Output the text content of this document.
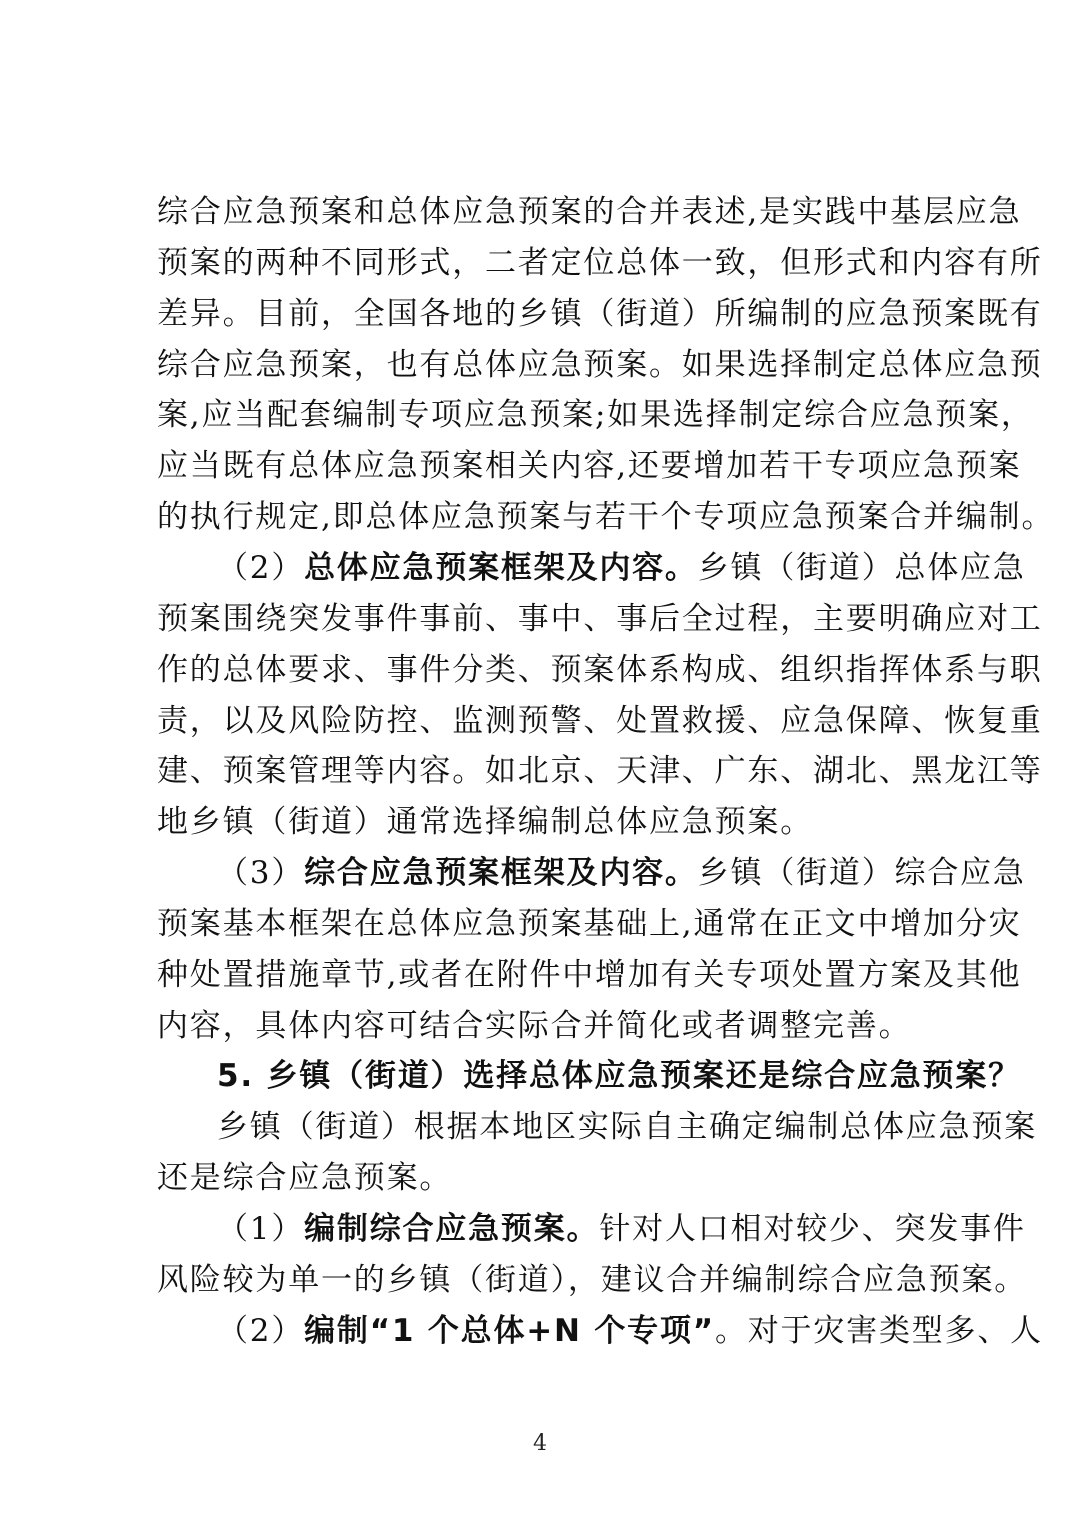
综合应急预案和总体应急预案的合并表述,是实践中基层应急
预案的两种不同形式，二者定位总体一致，但形式和内容有所
差异。目前，全国各地的乡镇（街道）所编制的应急预案既有
综合应急预案，也有总体应急预案。如果选择制定总体应急预
案,应当配套编制专项应急预案;如果选择制定综合应急预案，
应当既有总体应急预案相关内容,还要增加若干专项应急预案
的执行规定,即总体应急预案与若干个专项应急预案合并编制。
（2）总体应急预案框架及内容。乡镇（街道）总体应急
预案围绕突发事件事前、事中、事后全过程，主要明确应对工
作的总体要求、事件分类、预案体系构成、组织指挥体系与职
责，以及风险防控、监测预警、处置救援、应急保障、恢复重
建、预案管理等内容。如北京、天津、广东、湖北、黑龙江等
地乡镇（街道）通常选择编制总体应急预案。
（3）综合应急预案框架及内容。乡镇（街道）综合应急
预案基本框架在总体应急预案基础上,通常在正文中增加分灾
种处置措施章节,或者在附件中增加有关专项处置方案及其他
内容，具体内容可结合实际合并简化或者调整完善。
5. 乡镇（街道）选择总体应急预案还是综合应急预案？
乡镇（街道）根据本地区实际自主确定编制总体应急预案
还是综合应急预案。
（1）编制综合应急预案。针对人口相对较少、突发事件
风险较为单一的乡镇（街道），建议合并编制综合应急预案。
（2）编制“1 个总体+N 个专项”。对于灾害类型多、人
4
